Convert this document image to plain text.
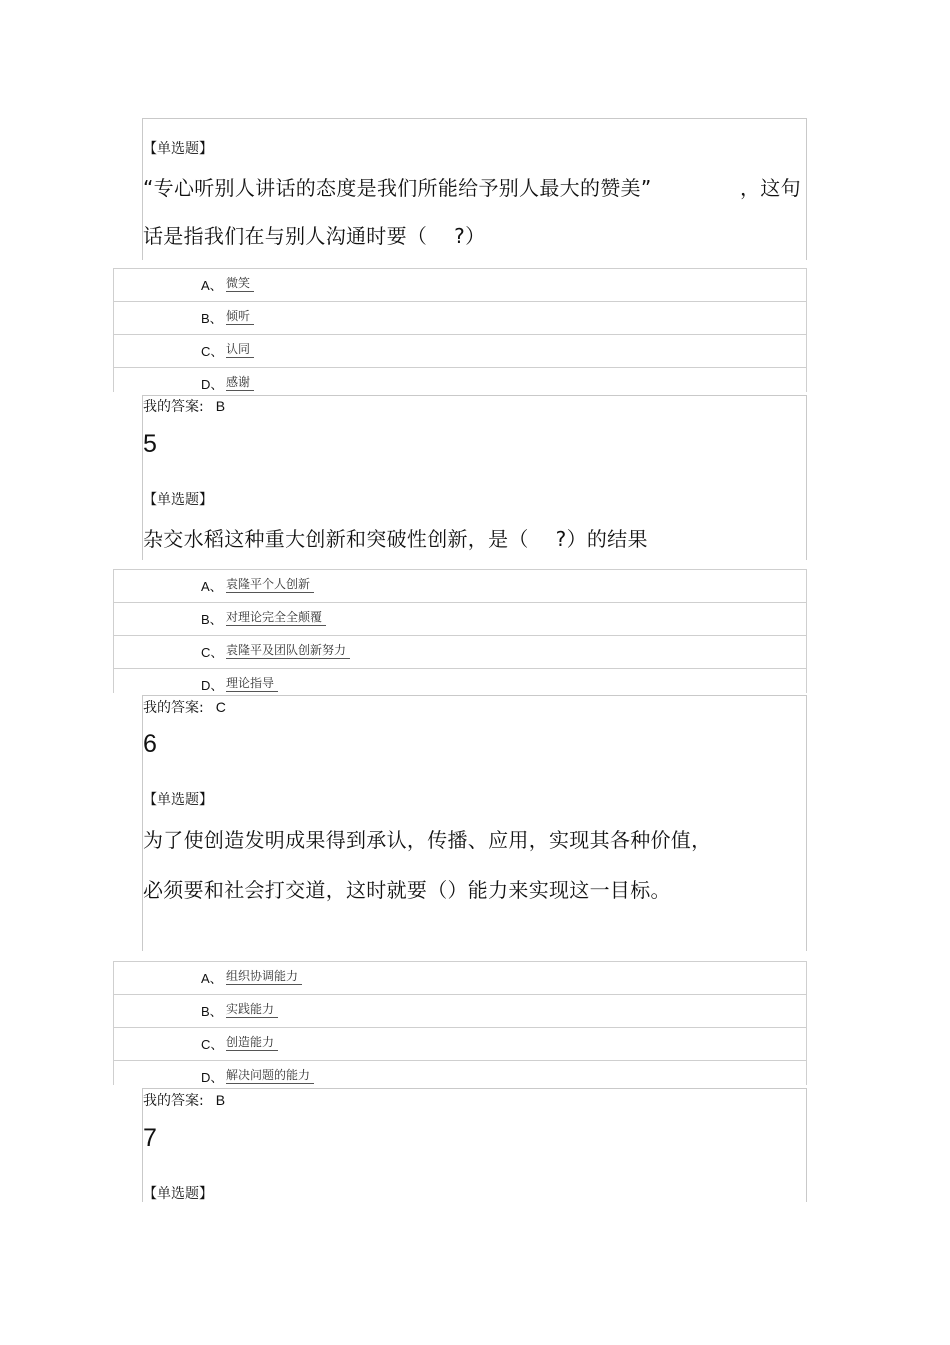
【单选题】
“专心听别人讲话的态度是我们所能给予别人最大的赞美”	，这句
话是指我们在与别人沟通时要（　 ?）
A、 微笑
B、 倾听
C、 认同
D、 感谢
我的答案: B
5
【单选题】
杂交水稻这种重大创新和突破性创新，是（　 ?）的结果
A、 袁隆平个人创新
B、 对理论完全全颠覆
C、 袁隆平及团队创新努力
D、 理论指导
我的答案: C
6
【单选题】
为了使创造发明成果得到承认，传播、应用，实现其各种价值，
必须要和社会打交道，这时就要（）能力来实现这一目标。
A、 组织协调能力
B、 实践能力
C、 创造能力
D、 解决问题的能力
我的答案: B
7
【单选题】
